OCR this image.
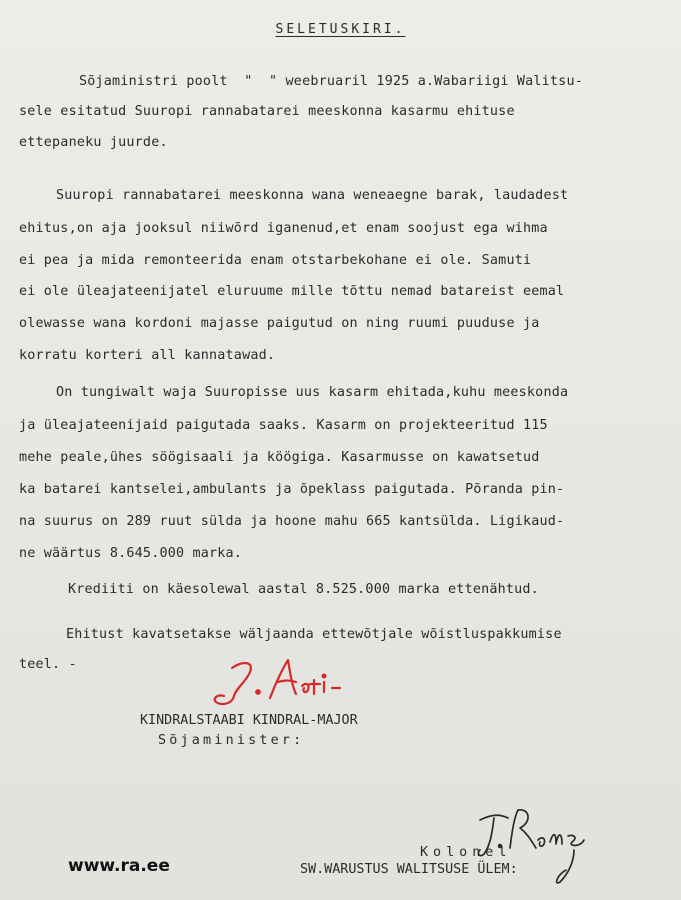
SELETUSKIRI.
Sõjaministri poolt  "  " weebruaril 1925 a.Wabariigi Walitsu-
sele esitatud Suuropi rannabatarei meeskonna kasarmu ehituse
ettepaneku juurde.
Suuropi rannabatarei meeskonna wana weneaegne barak, laudadest
ehitus,on aja jooksul niiwõrd iganenud,et enam soojust ega wihma
ei pea ja mida remonteerida enam otstarbekohane ei ole. Samuti
ei ole üleajateenijatel eluruume mille tõttu nemad batareist eemal
olewasse wana kordoni majasse paigutud on ning ruumi puuduse ja
korratu korteri all kannatawad.
On tungiwalt waja Suuropisse uus kasarm ehitada,kuhu meeskonda
ja üleajateenijaid paigutada saaks. Kasarm on projekteeritud 115
mehe peale,ühes söögisaali ja köögiga. Kasarmusse on kawatsetud
ka batarei kantselei,ambulants ja õpeklass paigutada. Põranda pin-
na suurus on 289 ruut sülda ja hoone mahu 665 kantsülda. Ligikaud-
ne wäärtus 8.645.000 marka.
Krediiti on käesolewal aastal 8.525.000 marka ettenähtud.
Ehitust kavatsetakse wäljaanda ettewõtjale wõistluspakkumise
teel. -
KINDRALSTAABI KINDRAL-MAJOR
Sõjaminister:
Kolonel
SW.WARUSTUS WALITSUSE ÜLEM:
www.ra.ee
